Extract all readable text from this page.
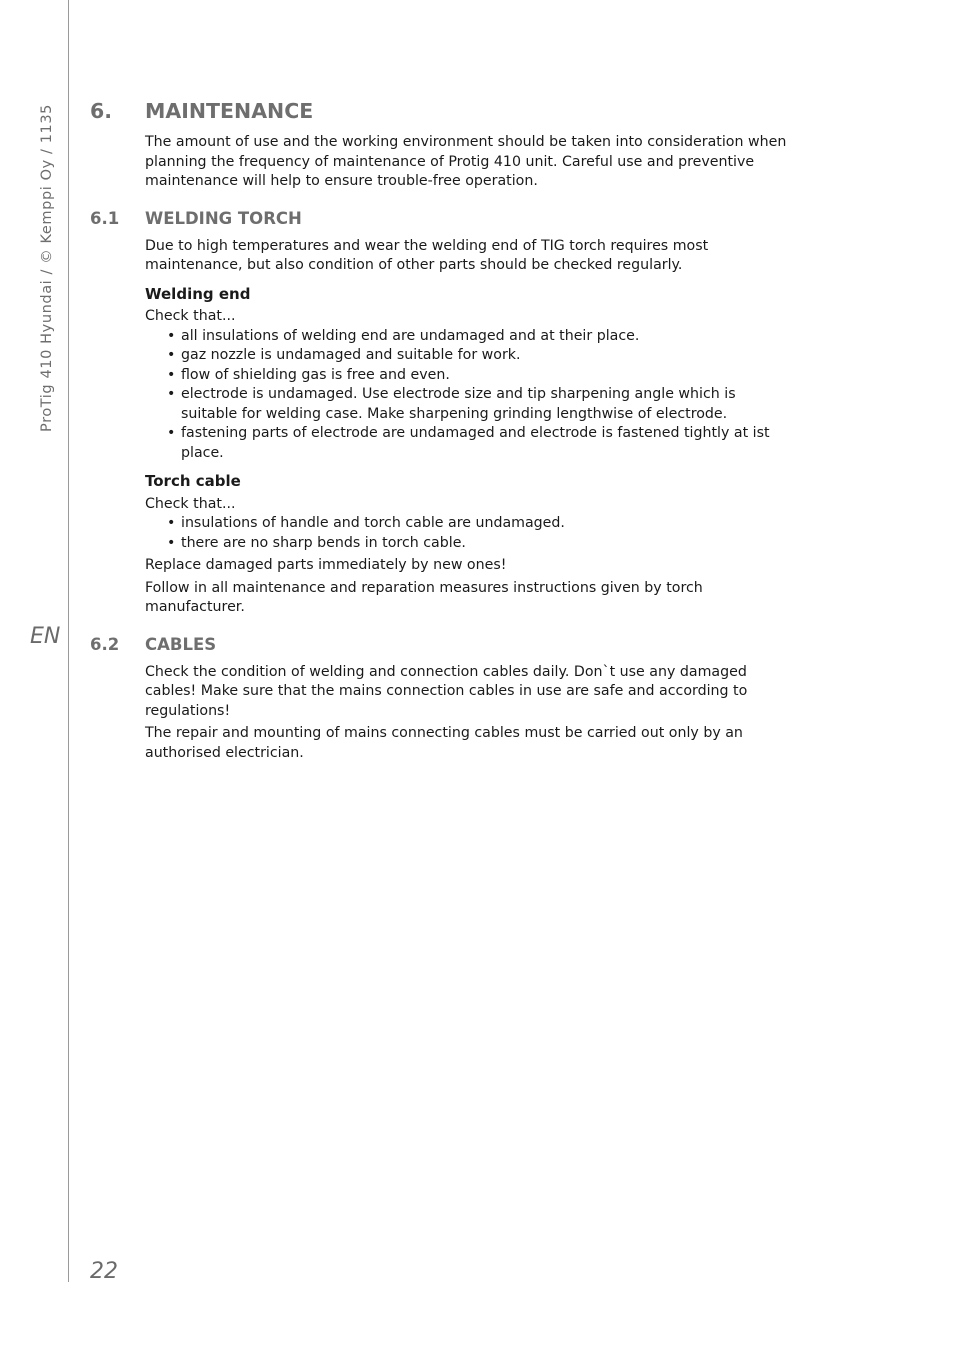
ProTig 410 Hyundai / © Kemppi Oy / 1135
EN
22
6.	MAINTENANCE

The amount of use and the working environment should be taken into consideration when planning the frequency of maintenance of Protig 410 unit. Careful use and preventive maintenance will help to ensure trouble-free operation.

6.1	WELDING TORCH

Due to high temperatures and wear the welding end of TIG torch requires most maintenance, but also condition of other parts should be checked regularly.

Welding end

Check that...

• all insulations of welding end are undamaged and at their place.
• gaz nozzle is undamaged and suitable for work.
• flow of shielding gas is free and even.
• electrode is undamaged. Use electrode size and tip sharpening angle which is suitable for welding case. Make sharpening grinding lengthwise of electrode.
• fastening parts of electrode are undamaged and electrode is fastened tightly at ist place.
Torch cable

Check that...

• insulations of handle and torch cable are undamaged.
• there are no sharp bends in torch cable.

Replace damaged parts immediately by new ones!

Follow in all maintenance and reparation measures instructions given by torch manufacturer.

6.2	CABLES

Check the condition of welding and connection cables daily. Don`t use any damaged cables! Make sure that the mains connection cables in use are safe and according to regulations!

The repair and mounting of mains connecting cables must be carried out only by an authorised electrician.
